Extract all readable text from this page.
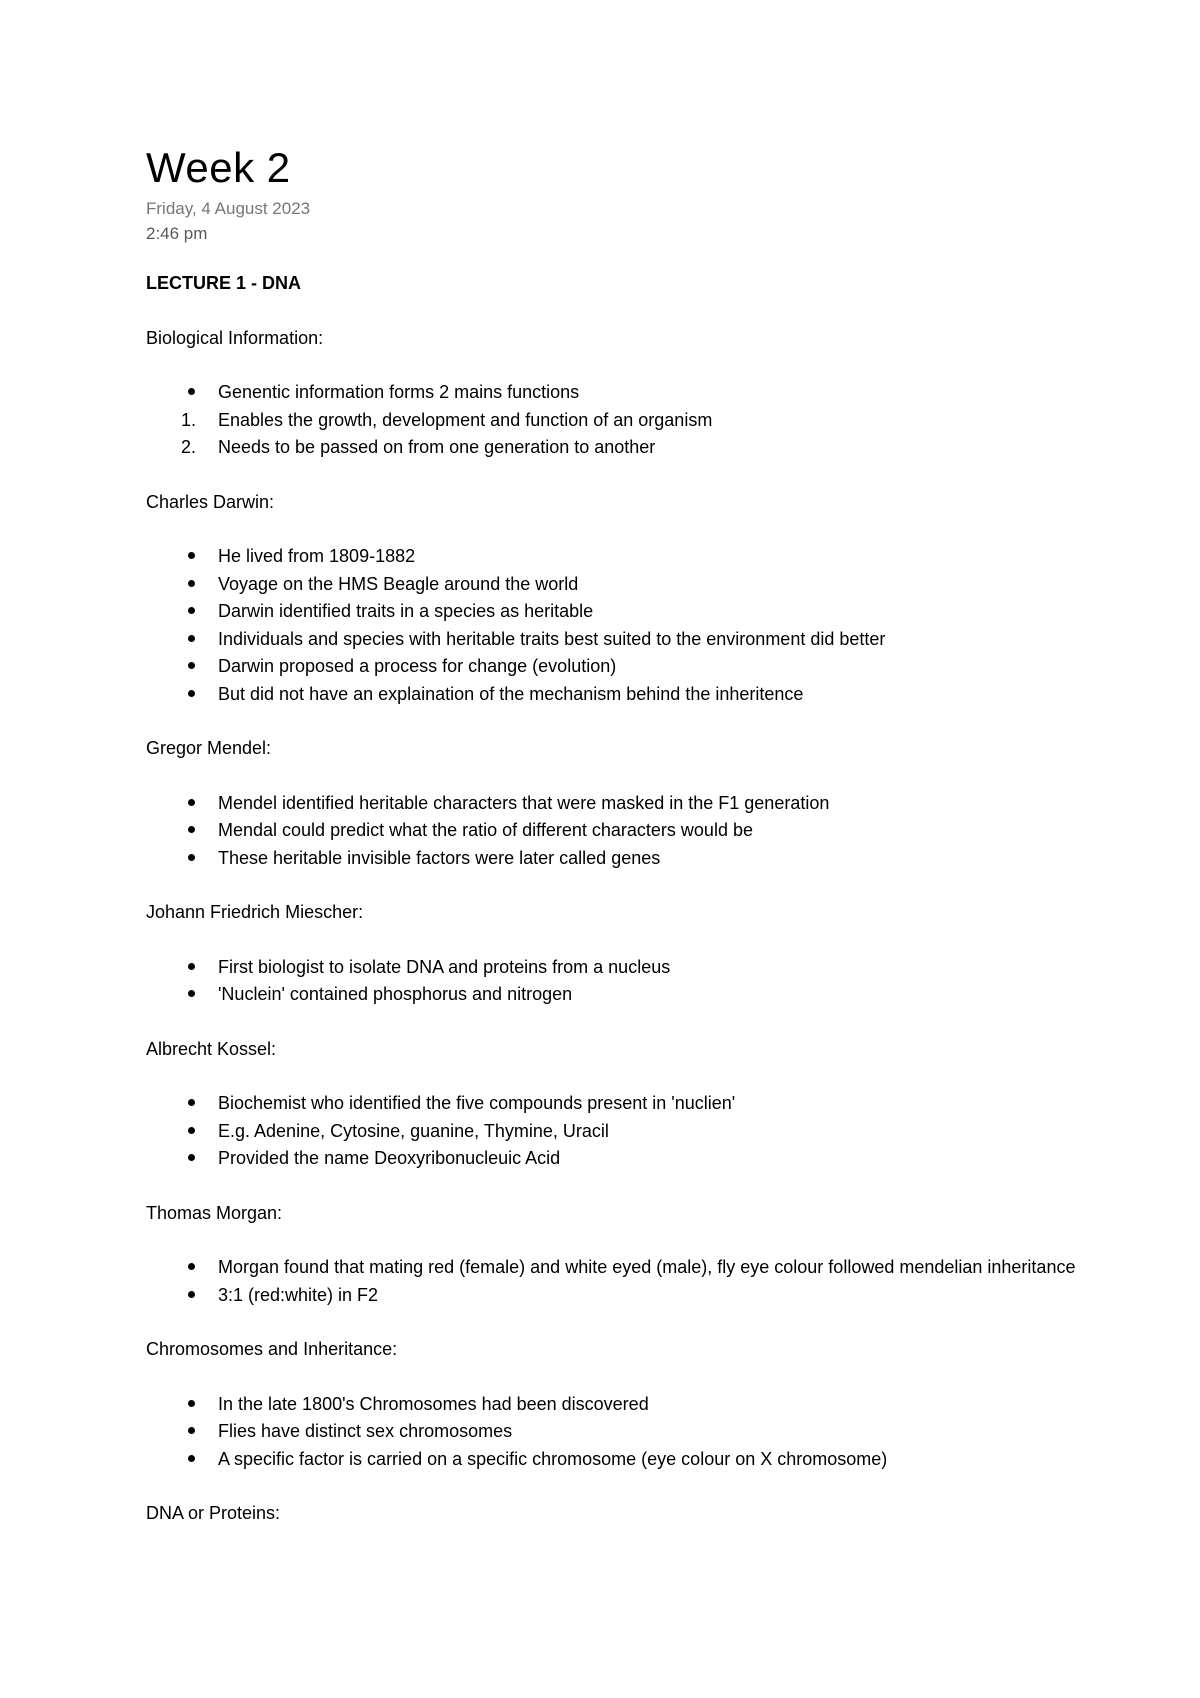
Week 2
Friday, 4 August 2023
2:46 pm
LECTURE 1 - DNA
Biological Information:
Genentic information forms 2 mains functions
1. Enables the growth, development and function of an organism
2. Needs to be passed on from one generation to another
Charles Darwin:
He lived from 1809-1882
Voyage on the HMS Beagle around the world
Darwin identified traits in a species as heritable
Individuals and species with heritable traits best suited to the environment did better
Darwin proposed a process for change (evolution)
But did not have an explaination of the mechanism behind the inheritence
Gregor Mendel:
Mendel identified heritable characters that were masked in the F1 generation
Mendal could predict what the ratio of different characters would be
These heritable invisible factors were later called genes
Johann Friedrich Miescher:
First biologist to isolate DNA and proteins from a nucleus
'Nuclein' contained phosphorus and nitrogen
Albrecht Kossel:
Biochemist who identified the five compounds present in 'nuclien'
E.g. Adenine, Cytosine, guanine, Thymine, Uracil
Provided the name Deoxyribonucleuic Acid
Thomas Morgan:
Morgan found that mating red (female) and white eyed (male), fly eye colour followed mendelian inheritance
3:1 (red:white) in F2
Chromosomes and Inheritance:
In the late 1800's Chromosomes had been discovered
Flies have distinct sex chromosomes
A specific factor is carried on a specific chromosome (eye colour on X chromosome)
DNA or Proteins:
